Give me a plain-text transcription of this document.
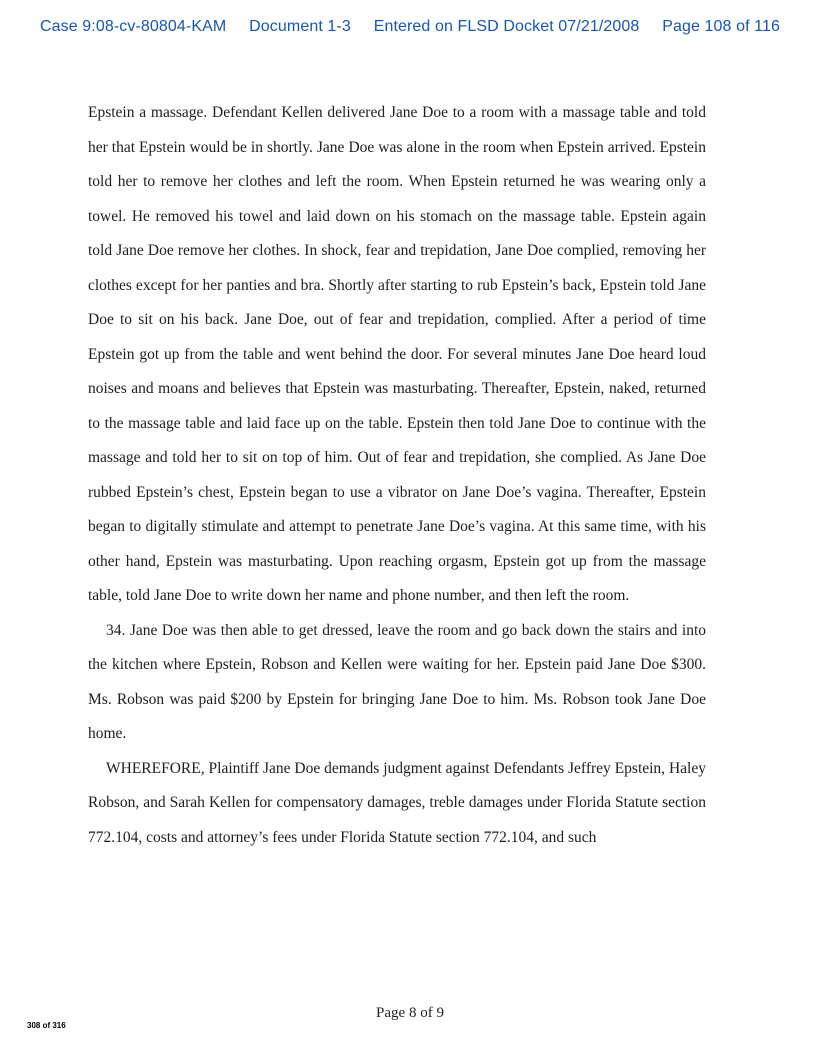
Case 9:08-cv-80804-KAM Document 1-3 Entered on FLSD Docket 07/21/2008 Page 108 of 116

Epstein a massage. Defendant Kellen delivered Jane Doe to a room with a massage table and told her that Epstein would be in shortly. Jane Doe was alone in the room when Epstein arrived. Epstein told her to remove her clothes and left the room. When Epstein returned he was wearing only a towel. He removed his towel and laid down on his stomach on the massage table. Epstein again told Jane Doe remove her clothes. In shock, fear and trepidation, Jane Doe complied, removing her clothes except for her panties and bra. Shortly after starting to rub Epstein’s back, Epstein told Jane Doe to sit on his back. Jane Doe, out of fear and trepidation, complied. After a period of time Epstein got up from the table and went behind the door. For several minutes Jane Doe heard loud noises and moans and believes that Epstein was masturbating. Thereafter, Epstein, naked, returned to the massage table and laid face up on the table. Epstein then told Jane Doe to continue with the massage and told her to sit on top of him. Out of fear and trepidation, she complied. As Jane Doe rubbed Epstein’s chest, Epstein began to use a vibrator on Jane Doe’s vagina. Thereafter, Epstein began to digitally stimulate and attempt to penetrate Jane Doe’s vagina. At this same time, with his other hand, Epstein was masturbating. Upon reaching orgasm, Epstein got up from the massage table, told Jane Doe to write down her name and phone number, and then left the room.

34. Jane Doe was then able to get dressed, leave the room and go back down the stairs and into the kitchen where Epstein, Robson and Kellen were waiting for her. Epstein paid Jane Doe $300. Ms. Robson was paid $200 by Epstein for bringing Jane Doe to him. Ms. Robson took Jane Doe home.

WHEREFORE, Plaintiff Jane Doe demands judgment against Defendants Jeffrey Epstein, Haley Robson, and Sarah Kellen for compensatory damages, treble damages under Florida Statute section 772.104, costs and attorney’s fees under Florida Statute section 772.104, and such

Page 8 of 9
308 of 316
